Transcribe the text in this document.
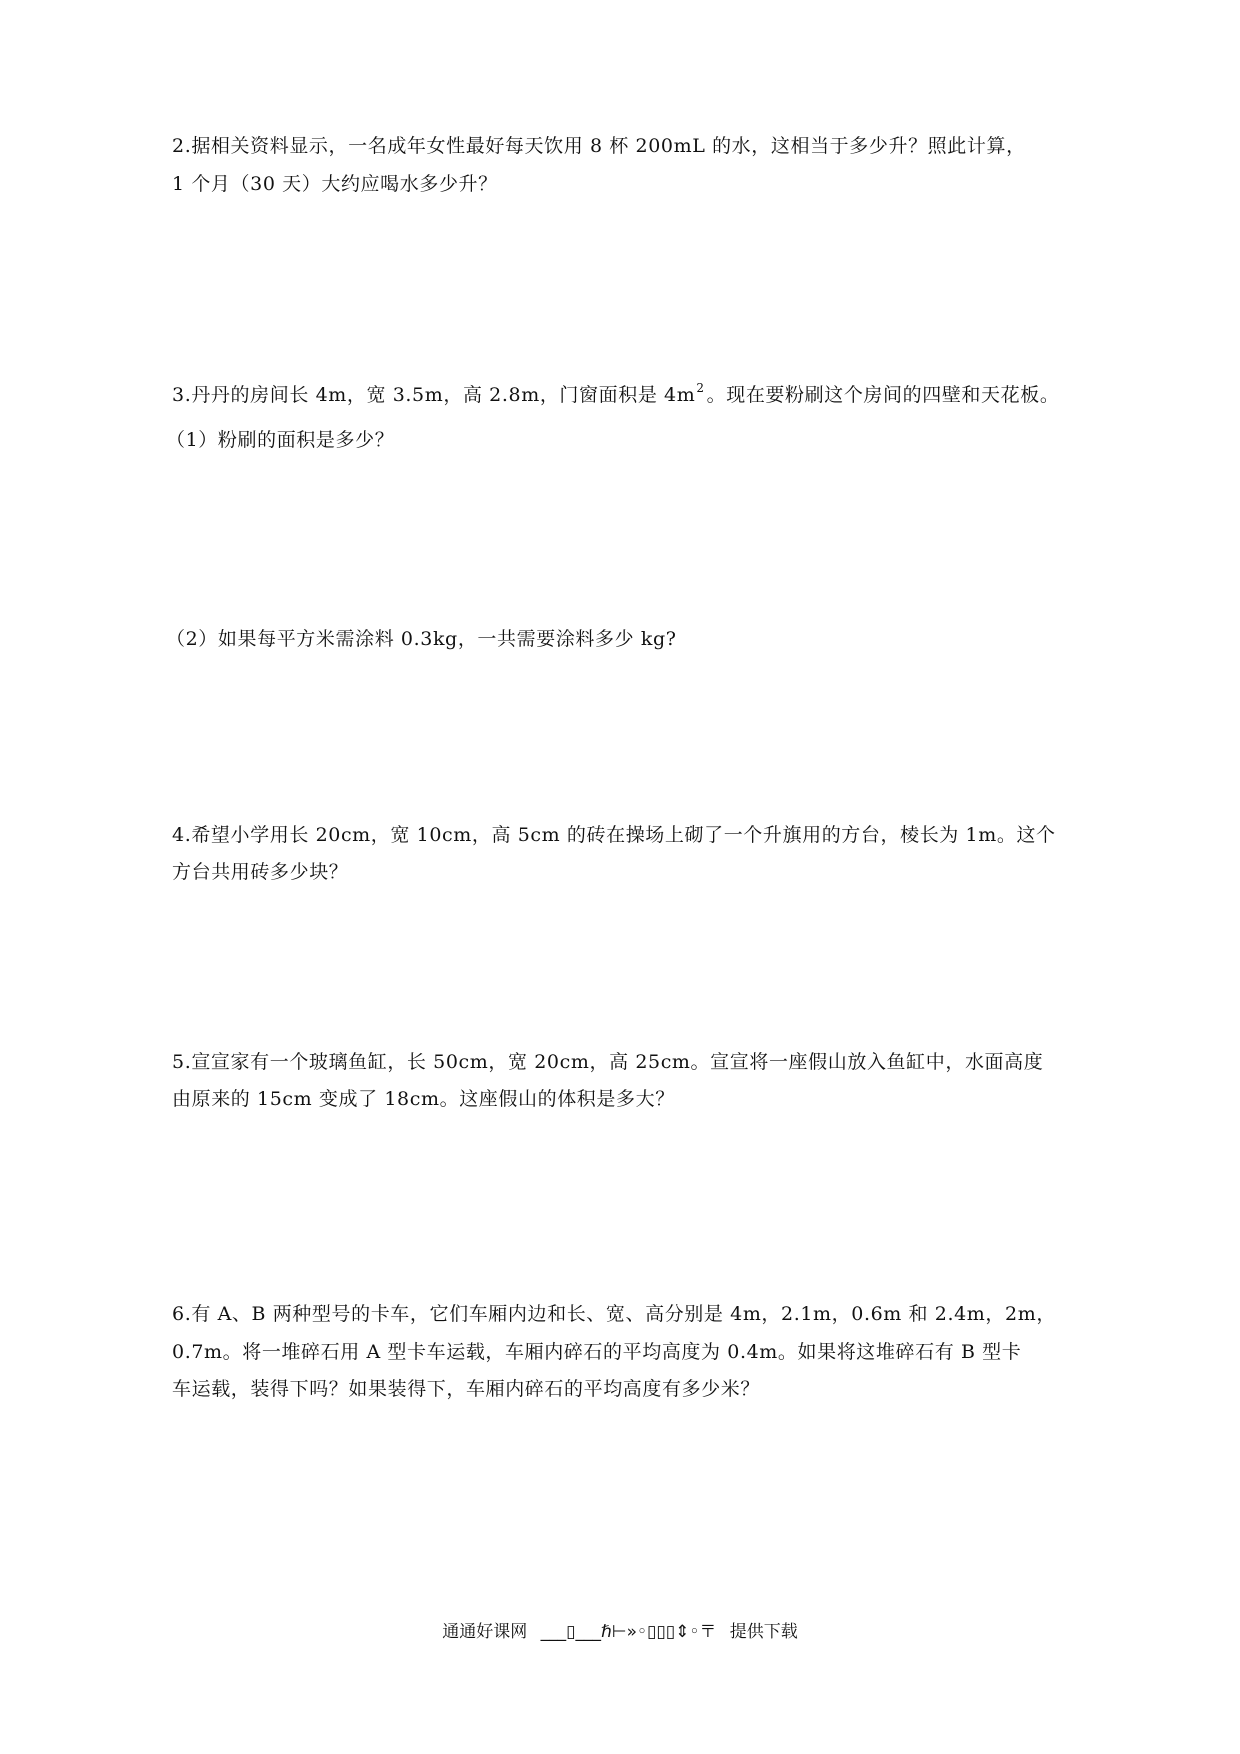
2.据相关资料显示，一名成年女性最好每天饮用 8 杯 200mL 的水，这相当于多少升？照此计算，
1 个月（30 天）大约应喝水多少升？
3.丹丹的房间长 4m，宽 3.5m，高 2.8m，门窗面积是 $4m^2$ 。现在要粉刷这个房间的四壁和天花板。
（1）粉刷的面积是多少？
（2）如果每平方米需涂料 0.3kg，一共需要涂料多少 kg?
4.希望小学用长 20cm，宽 10cm，高 5cm 的砖在操场上砌了一个升旗用的方台，棱长为 1m。这个
方台共用砖多少块？
5.宣宣家有一个玻璃鱼缸，长 50cm，宽 20cm，高 25cm。宣宣将一座假山放入鱼缸中，水面高度
由原来的 15cm 变成了 18cm。这座假山的体积是多大？
6.有 A、B 两种型号的卡车，它们车厢内边和长、宽、高分别是 4m，2.1m，0.6m 和 2.4m，2m，
0.7m。将一堆碎石用 A 型卡车运载，车厢内碎石的平均高度为 0.4m。如果将这堆碎石有 B 型卡
车运载，装得下吗？如果装得下，车厢内碎石的平均高度有多少米？
通通好课网 ___▯___ℏ⊢»◦▯▯▯⇕◦〒 提供下载
